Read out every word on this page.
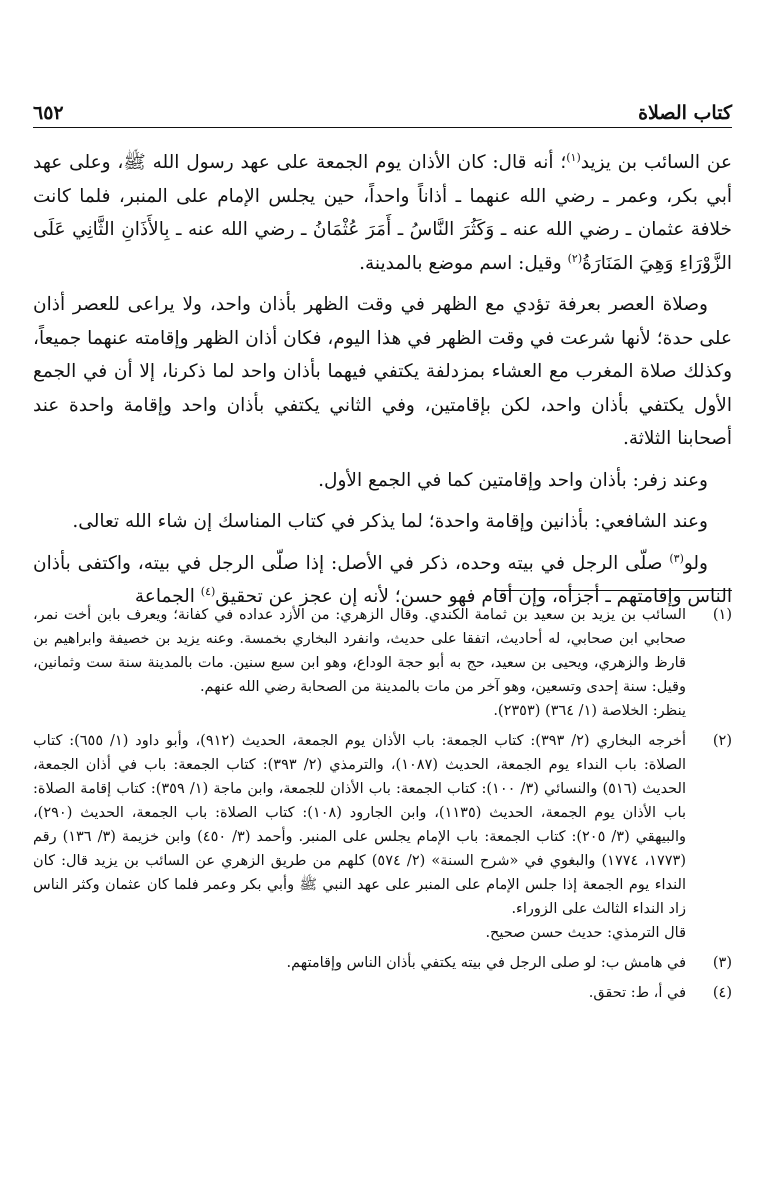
كتاب الصلاة
٦٥٢

عن السائب بن يزيد$^{(١)}$؛ أنه قال: كان الأذان يوم الجمعة على عهد رسول الله ﷺ، وعلى عهد أبي بكر، وعمر ـ رضي الله عنهما ـ أذاناً واحداً، حين يجلس الإمام على المنبر، فلما كانت خلافة عثمان ـ رضي الله عنه ـ وَكَثُرَ النَّاسُ ـ أَمَرَ عُثْمَانُ ـ رضي الله عنه ـ بِالأَذَانِ الثَّانِي عَلَى الزَّوْرَاءِ وَهِيَ المَنَارَةُ$^{(٢)}$ وقيل: اسم موضع بالمدينة.

وصلاة العصر بعرفة تؤدي مع الظهر في وقت الظهر بأذان واحد، ولا يراعى للعصر أذان على حدة؛ لأنها شرعت في وقت الظهر في هذا اليوم، فكان أذان الظهر وإقامته عنهما جميعاً، وكذلك صلاة المغرب مع العشاء بمزدلفة يكتفي فيهما بأذان واحد لما ذكرنا، إلا أن في الجمع الأول يكتفي بأذان واحد، لكن بإقامتين، وفي الثاني يكتفي بأذان واحد وإقامة واحدة عند أصحابنا الثلاثة.

وعند زفر: بأذان واحد وإقامتين كما في الجمع الأول.

وعند الشافعي: بأذانين وإقامة واحدة؛ لما يذكر في كتاب المناسك إن شاء الله تعالى.

ولو$^{(٣)}$ صلّى الرجل في بيته وحده، ذكر في الأصل: إذا صلّى الرجل في بيته، واكتفى بأذان الناس وإقامتهم ـ أجزأه، وإن أقام فهو حسن؛ لأنه إن عجز عن تحقيق$^{(٤)}$ الجماعة

(١)

السائب بن يزيد بن سعيد بن ثمامة الكندي. وقال الزهري: من الأزد عداده في كفانة؛ ويعرف بابن أخت نمر، صحابي ابن صحابي، له أحاديث، اتفقا على حديث، وانفرد البخاري بخمسة. وعنه يزيد بن خصيفة وابراهيم بن قارظ والزهري، ويحيى بن سعيد، حج به أبو حجة الوداع، وهو ابن سبع سنين. مات بالمدينة سنة ست وثمانين، وقيل: سنة إحدى وتسعين، وهو آخر من مات بالمدينة من الصحابة رضي الله عنهم.

ينظر: الخلاصة (١/ ٣٦٤) (٢٣٥٣).

(٢)

أخرجه البخاري (٢/ ٣٩٣): كتاب الجمعة: باب الأذان يوم الجمعة، الحديث (٩١٢)، وأبو داود (١/ ٦٥٥): كتاب الصلاة: باب النداء يوم الجمعة، الحديث (١٠٨٧)، والترمذي (٢/ ٣٩٣): كتاب الجمعة: باب في أذان الجمعة، الحديث (٥١٦) والنسائي (٣/ ١٠٠): كتاب الجمعة: باب الأذان للجمعة، وابن ماجة (١/ ٣٥٩): كتاب إقامة الصلاة: باب الأذان يوم الجمعة، الحديث (١١٣٥)، وابن الجارود (١٠٨): كتاب الصلاة: باب الجمعة، الحديث (٢٩٠)، والبيهقي (٣/ ٢٠٥): كتاب الجمعة: باب الإمام يجلس على المنبر. وأحمد (٣/ ٤٥٠) وابن خزيمة (٣/ ١٣٦) رقم (١٧٧٣، ١٧٧٤) والبغوي في «شرح السنة» (٢/ ٥٧٤) كلهم من طريق الزهري عن السائب بن يزيد قال: كان النداء يوم الجمعة إذا جلس الإمام على المنبر على عهد النبي ﷺ وأبي بكر وعمر فلما كان عثمان وكثر الناس زاد النداء الثالث على الزوراء.

قال الترمذي: حديث حسن صحيح.

(٣)

في هامش ب: لو صلى الرجل في بيته يكتفي بأذان الناس وإقامتهم.

(٤)

في أ، ط: تحقق.
